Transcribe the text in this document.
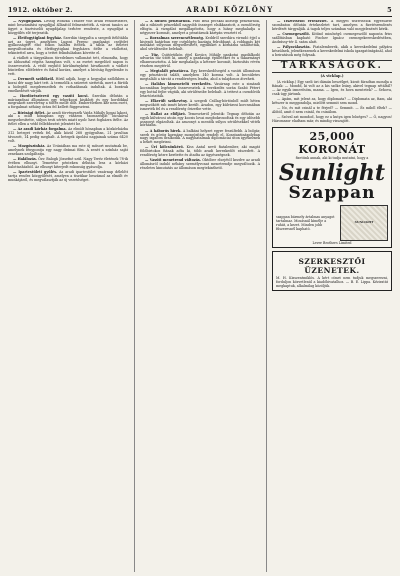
1912. október 2.	ARADI KÖZLÖNY	5

— Nyugdíjazás. Lessig Wonzka Traiber volt aradi rendőrtisztet, mint beszámítási nyugdíjjal állásától felmentették. A városi tanács az ügyet a tisztviselői nyugdíjalap terhére rendezte, a nyugdíjat a közgyűlés elé terjesztik.

— Életfogytiglani fegyház. Szerdán tárgyalta a szegedi ítélőtábla azt az ügyet, amelyben Lugosi Ferenc gazdasági cselédet gyilkosságért első fokon halálra ítélték. A tábla az ítéletet megváltoztatta és életfogytiglani fegyházra ítélte a vádlottat, tekintettel arra, hogy a tettet felindulásban követte el.

A vádlott a tárgyaláson töredelmes vallomást tett, elmondta, hogy az áldozattal régóta haragban volt, s az esetet megelőző napon is összevesztek. A védő enyhítő körülményként hivatkozott a vádlott büntetlen előéletére és fiatal korára, amelyet a bíróság figyelembe is vett.

— Dermedt szőlőkről. Hírül adják, hogy a hegyaljai szőlőkben a korai dér nagy kárt tett. A termelők a szüretet siettetik, mert a fürtök a hidegtől megdermedtek és rothadásnak indultak. A borárak emelkedését várják.

— Hordórésztvevő egy vasúti kocsi. Szerdán délután a máriaradnai állomáson egy teherkocsi kisiklott és egy hordókkal megrakott szerelvény a töltés mellé dőlt. Emberéletben kár nem esett, a forgalmat néhány órára fel kellett függeszteni.

— Bírósági ítélet. Az aradi törvényszék Vajda Mihály lippai lakost, aki a múlt hónapban egy vásáron szomszédját bicskával megsebesítette, súlyos testi sértés miatt nyolc havi fogházra ítélte. Az ítélet ellen a védő fellebbezést jelentett be.

— Az aradi kórház forgalma. Az elmúlt hónapban a közkórházba 312 beteget vettek fel, akik közül 268 gyógyultan, 21 javultan távozott, 14 pedig meghalt. A betegek ápolási napjainak száma 6420 volt.

— Mozgószínház. Az Urániában ma este új műsort mutatnak be, amelynek fénypontja egy nagy drámai film. A zenét a színház saját zenekara szolgáltatja.

— Halálozás. Özv. Balogh Józsefné szül. Nagy Teréz életének 78-ik évében elhunyt. Temetése pénteken délután lesz a kórházi halottasházból. Az elhunyt kiterjedt rokonság gyászolja.

— Ipartestületi gyűlés. Az aradi ipartestület vasárnap délelőtt tartja rendes közgyűlését, amelyen a tisztikar beszámol az elmúlt év munkájáról, és megválasztják az új vezetőséget.

— A hűtlen pénztárnok. Pató Béla pécskai községi pénztárnok, aki a rábízott pénzekből nagyobb összeget elsikkasztott, a csendőrség elfogta. A vizsgálat megállapította, hogy a hiány meghaladja a négyezer koronát, amelyet a pénztárnok kártyán vesztett el.

— Borzalmas szerencsétlenség. Keddről szerdára virradó éjjel a kisjenői határban egy cséplőgép kazánja felrobbant. A robbanás két munkást súlyosan megsebesített, egyiküket a kórházba szállították, ahol sérüléseibe belehalt.

— Tűz. Csütörtökön éjjel Kovács Mihály pankotai gazdálkodó udvarán tűz ütött ki, amely a gazdasági épületeket és a takarmányt elhamvasztotta. A kár meghaladja a kétezer koronát, biztosítás révén részben megtérül.

— Megtalált pénztárca. Egy kereskedősegéd a vasúti állomáson egy pénztárcát talált, amelyben 140 korona volt. A becsületes megtaláló a tárcát a rendőrségen leadta, ahol a tulajdonos átveheti.

— Halálos kimenetelű verekedés. Vasárnap este a zimándi kocsmában legények összevesztek. A verekedés során Szabó Pétert egy bottal fejbe vágták, aki sérüléseibe belehalt. A tettest a csendőrök letartóztatták.

— Elkerült szökevény. A szegedi Csillag-börtönből múlt héten megszökött rab ismét kézre került. Aradon, egy külvárosi korcsmában ismerték fel és a rendőrség őrizetbe vette.

— Hallat az elöljáró. Temesvárról jelentik: Tegnap délután az egyik külvárosi utcán egy kocsis lovai megbokrosodtak és egy idősebb asszonyt elgázoltak. Az asszonyt a mentők súlyos sérülésekkel vitték kórházba.

— A háborús hírek. A balkáni helyzet egyre feszültebb. A bolgár, szerb és görög kormány mozgósítást rendelt el, Konstantinápolyban nagy izgalom uralkodik. A nagyhatalmak diplomáciai úton igyekeznek a békét megőrizni.

— Úri kölcsönkérő. Kiss Antal nevű fiatalember, aki magát földbirtokos fiának adta ki, több aradi kereskedőt rászedett. A rendőrség kézre kerítette és átadta az ügyészségnek.

— Vasúti menetrend változás. Október elsejétől kezdve az aradi állomásról induló néhány személyvonat menetrendje megváltozik. A részletes kimutatás az állomáson megtekinthető.

— Tisztviselői értekezlet. A megyei tisztviselők egyesülete szombaton délután értekezletet tart, amelyen a fizetésrendezés kérdését tárgyalják. A tagok teljes számban való megjelenését kérik.

— Csemegeszőlő. Kitűnő minőségű csemegeszőlő naponta friss szállításban kapható Fischer Ignácz csemegekereskedésében, Andrássy-tér 4. szám alatt.

— Pályaválasztás. Fiatalemberek, akik a kereskedelmi pályára készülnek, jelentkezzenek a kereskedelmi iskola igazgatóságánál, ahol a beiratások még folynak.

TARKASÁGOK.
(A vicklap.)

(A vicklap.) Egy szeli úri dámán beszélget, kicsit fáradtan mondja a fiának: — Mondd, ki volt az a kis szőke leány, akivel tegnap sétáltál? — Az egyik ismerősöm, mama. — Igen, és hova mentetek? — Sehova, csak úgy jártunk.

— Apám, mit jelent az, hogy diplomata? — Diplomata az, fiam, aki kétszer is meggondolja, mielőtt semmit sem mond.

— No, és mit csinál a te férjed? — Semmit. — És miből éltek? — Abból, amit ő nem csinál, én csinálom.

— Szóval azt mondod, hogy ez a kutya igen hűséges? — Ó, nagyon! Háromszor eladtam már, és mindig visszajött.

25,000 KORONÁT
fizetünk annak, aki ki tudja mutatni, hogy a
Sunlight
Szappan
szappan bármely ártalmas anyagot tartalmaz. Mosásnál kímélje a ruhát, a kezet. Minden jobb fűszeresnél kapható.
SUNLIGHT
Lever Brothers Limited
SZERKESZTŐI ÜZENETEK.
M. H. Kisszentmiklós. A kért címet nem tudjuk megszerezni, forduljon közvetlenül a kiadóhivatalhoz. — B. E. Lippa. Kéziratát megkaptuk, alkalmilag közöljük.
